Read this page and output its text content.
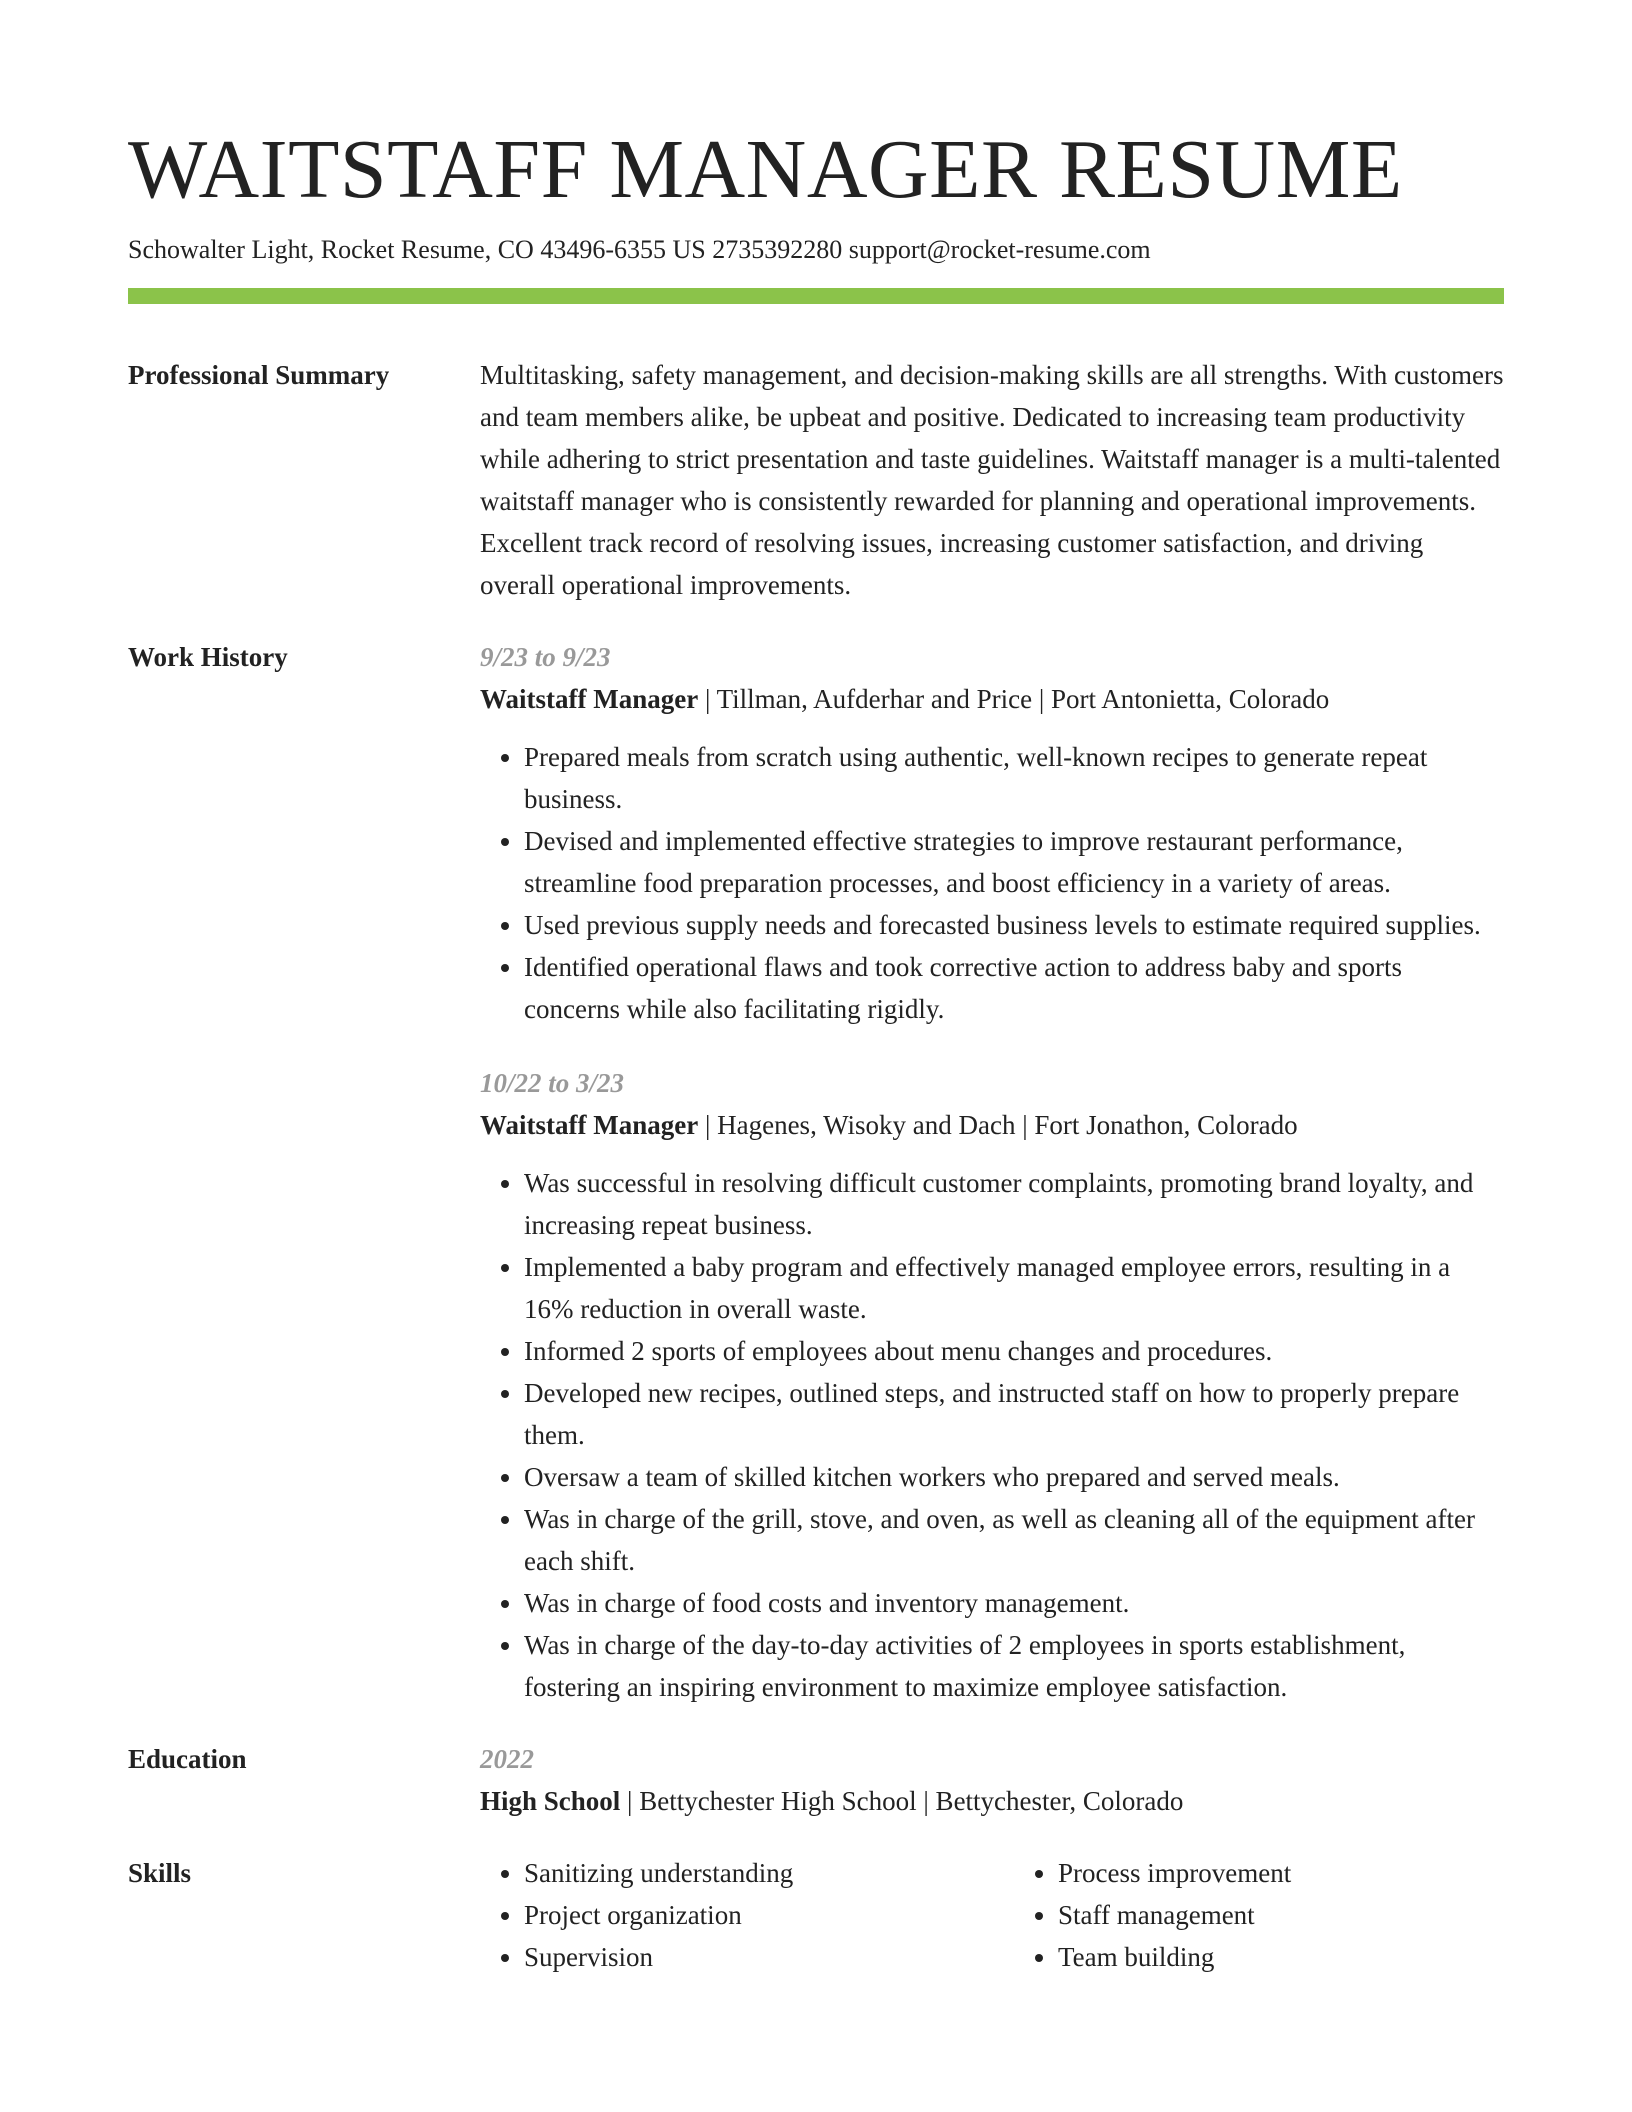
WAITSTAFF MANAGER RESUME
Schowalter Light, Rocket Resume, CO 43496-6355 US 2735392280 support@rocket-resume.com
Professional Summary	Multitasking, safety management, and decision-making skills are all strengths. With customers and team members alike, be upbeat and positive. Dedicated to increasing team productivity while adhering to strict presentation and taste guidelines. Waitstaff manager is a multi-talented waitstaff manager who is consistently rewarded for planning and operational improvements. Excellent track record of resolving issues, increasing customer satisfaction, and driving overall operational improvements.
Work History	9/23 to 9/23
Waitstaff Manager | Tillman, Aufderhar and Price | Port Antonietta, Colorado
• Prepared meals from scratch using authentic, well-known recipes to generate repeat business.
• Devised and implemented effective strategies to improve restaurant performance, streamline food preparation processes, and boost efficiency in a variety of areas.
• Used previous supply needs and forecasted business levels to estimate required supplies.
• Identified operational flaws and took corrective action to address baby and sports concerns while also facilitating rigidly.
10/22 to 3/23
Waitstaff Manager | Hagenes, Wisoky and Dach | Fort Jonathon, Colorado
• Was successful in resolving difficult customer complaints, promoting brand loyalty, and increasing repeat business.
• Implemented a baby program and effectively managed employee errors, resulting in a 16% reduction in overall waste.
• Informed 2 sports of employees about menu changes and procedures.
• Developed new recipes, outlined steps, and instructed staff on how to properly prepare them.
• Oversaw a team of skilled kitchen workers who prepared and served meals.
• Was in charge of the grill, stove, and oven, as well as cleaning all of the equipment after each shift.
• Was in charge of food costs and inventory management.
• Was in charge of the day-to-day activities of 2 employees in sports establishment, fostering an inspiring environment to maximize employee satisfaction.
Education	2022
High School | Bettychester High School | Bettychester, Colorado
Skills
•	Sanitizing understanding
• Project organization
• Supervision
• Process improvement
• Staff management
• Team building
